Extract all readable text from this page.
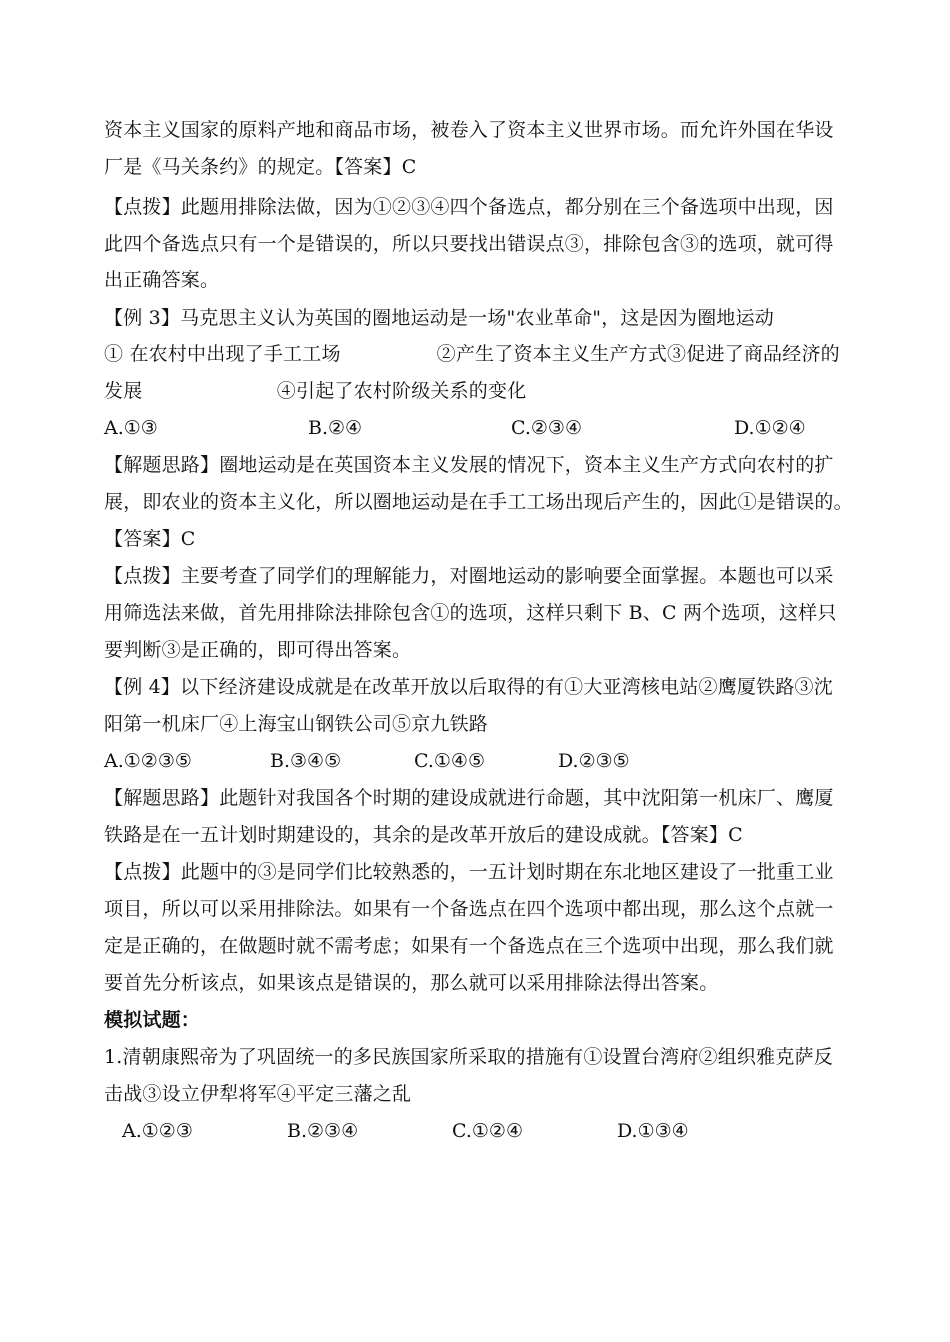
资本主义国家的原料产地和商品市场，被卷入了资本主义世界市场。而允许外国在华设
厂是《马关条约》的规定。【答案】C
【点拨】此题用排除法做，因为①②③④四个备选点，都分别在三个备选项中出现，因
此四个备选点只有一个是错误的，所以只要找出错误点③，排除包含③的选项，就可得
出正确答案。
【例 3】马克思主义认为英国的圈地运动是一场"农业革命"，这是因为圈地运动
① 在农村中出现了手工工场　　　　　②产生了资本主义生产方式③促进了商品经济的
发展　　　　　　　④引起了农村阶级关系的变化
A.①③	B.②④	C.②③④	D.①②④
【解题思路】圈地运动是在英国资本主义发展的情况下，资本主义生产方式向农村的扩
展，即农业的资本主义化，所以圈地运动是在手工工场出现后产生的，因此①是错误的。
【答案】C
【点拨】主要考查了同学们的理解能力，对圈地运动的影响要全面掌握。本题也可以采
用筛选法来做，首先用排除法排除包含①的选项，这样只剩下 B、C 两个选项，这样只
要判断③是正确的，即可得出答案。
【例 4】以下经济建设成就是在改革开放以后取得的有①大亚湾核电站②鹰厦铁路③沈
阳第一机床厂④上海宝山钢铁公司⑤京九铁路
A.①②③⑤	B.③④⑤	C.①④⑤	D.②③⑤
【解题思路】此题针对我国各个时期的建设成就进行命题，其中沈阳第一机床厂、鹰厦
铁路是在一五计划时期建设的，其余的是改革开放后的建设成就。【答案】C
【点拨】此题中的③是同学们比较熟悉的，一五计划时期在东北地区建设了一批重工业
项目，所以可以采用排除法。如果有一个备选点在四个选项中都出现，那么这个点就一
定是正确的，在做题时就不需考虑；如果有一个备选点在三个选项中出现，那么我们就
要首先分析该点，如果该点是错误的，那么就可以采用排除法得出答案。
模拟试题：
1.清朝康熙帝为了巩固统一的多民族国家所采取的措施有①设置台湾府②组织雅克萨反
击战③设立伊犁将军④平定三藩之乱
A.①②③	B.②③④	C.①②④	D.①③④
